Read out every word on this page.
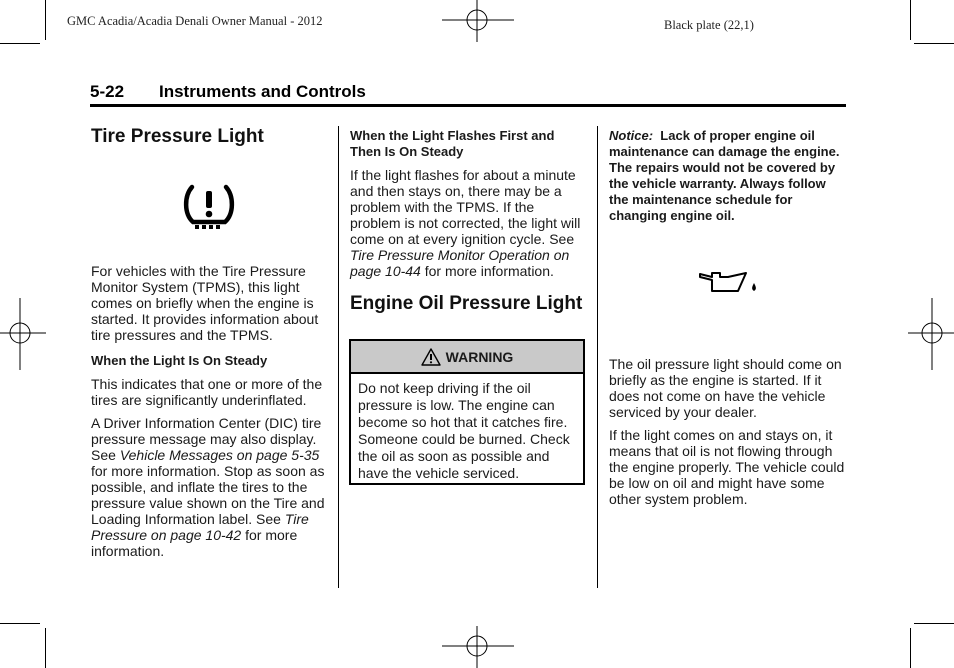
GMC Acadia/Acadia Denali Owner Manual - 2012	Black plate (22,1)
5-22 Instruments and Controls
Tire Pressure Light

For vehicles with the Tire Pressure Monitor System (TPMS), this light comes on briefly when the engine is started. It provides information about tire pressures and the TPMS.

When the Light Is On Steady

This indicates that one or more of the tires are significantly underinflated.

A Driver Information Center (DIC) tire pressure message may also display. See Vehicle Messages on page 5-35 for more information. Stop as soon as possible, and inflate the tires to the pressure value shown on the Tire and Loading Information label. See Tire Pressure on page 10-42 for more information.

When the Light Flashes First and Then Is On Steady

If the light flashes for about a minute and then stays on, there may be a problem with the TPMS. If the problem is not corrected, the light will come on at every ignition cycle. See Tire Pressure Monitor Operation on page 10-44 for more information.

Engine Oil Pressure Light
WARNING
Do not keep driving if the oil pressure is low. The engine can become so hot that it catches fire. Someone could be burned. Check the oil as soon as possible and have the vehicle serviced.

Notice: Lack of proper engine oil maintenance can damage the engine. The repairs would not be covered by the vehicle warranty. Always follow the maintenance schedule for changing engine oil.

The oil pressure light should come on briefly as the engine is started. If it does not come on have the vehicle serviced by your dealer.

If the light comes on and stays on, it means that oil is not flowing through the engine properly. The vehicle could be low on oil and might have some other system problem.
